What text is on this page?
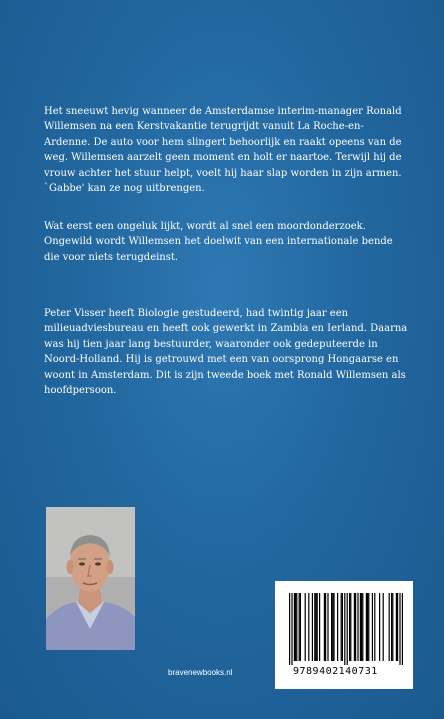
Het sneeuwt hevig wanneer de Amsterdamse interim-manager Ronald Willemsen na een Kerstvakantie terugrijdt vanuit La Roche-en-Ardenne. De auto voor hem slingert behoorlijk en raakt opeens van de weg. Willemsen aarzelt geen moment en holt er naartoe. Terwijl hij de vrouw achter het stuur helpt, voelt hij haar slap worden in zijn armen. `Gabbe' kan ze nog uitbrengen.

Wat eerst een ongeluk lijkt, wordt al snel een moordonderzoek. Ongewild wordt Willemsen het doelwit van een internationale bende die voor niets terugdeinst.

Peter Visser heeft Biologie gestudeerd, had twintig jaar een milieuadviesbureau en heeft ook gewerkt in Zambia en Ierland. Daarna was hij tien jaar lang bestuurder, waaronder ook gedeputeerde in Noord-Holland. Hij is getrouwd met een van oorsprong Hongaarse en woont in Amsterdam. Dit is zijn tweede boek met Ronald Willemsen als hoofdpersoon.

9789402140731
bravenewbooks.nl
